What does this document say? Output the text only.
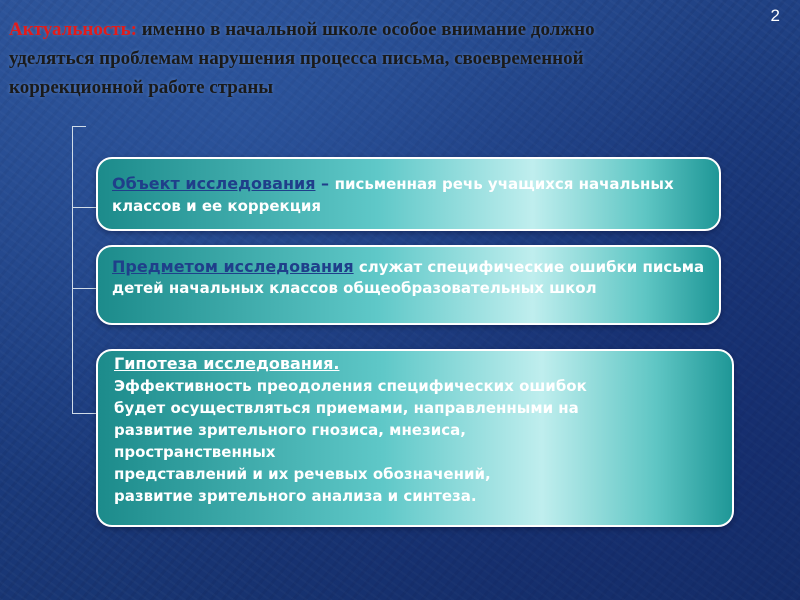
2
Актуальность: именно в начальной школе особое внимание должно уделяться проблемам нарушения процесса письма, своевременной коррекционной работе страны
Объект исследования – письменная речь учащихся начальных классов и ее коррекция
Предметом исследования служат специфические ошибки письма детей начальных классов общеобразовательных школ
Гипотеза исследования.
Эффективность преодоления специфических ошибок
будет осуществляться приемами, направленными на
развитие зрительного гнозиса, мнезиса,
пространственных
представлений и их речевых обозначений,
развитие зрительного анализа и синтеза.
